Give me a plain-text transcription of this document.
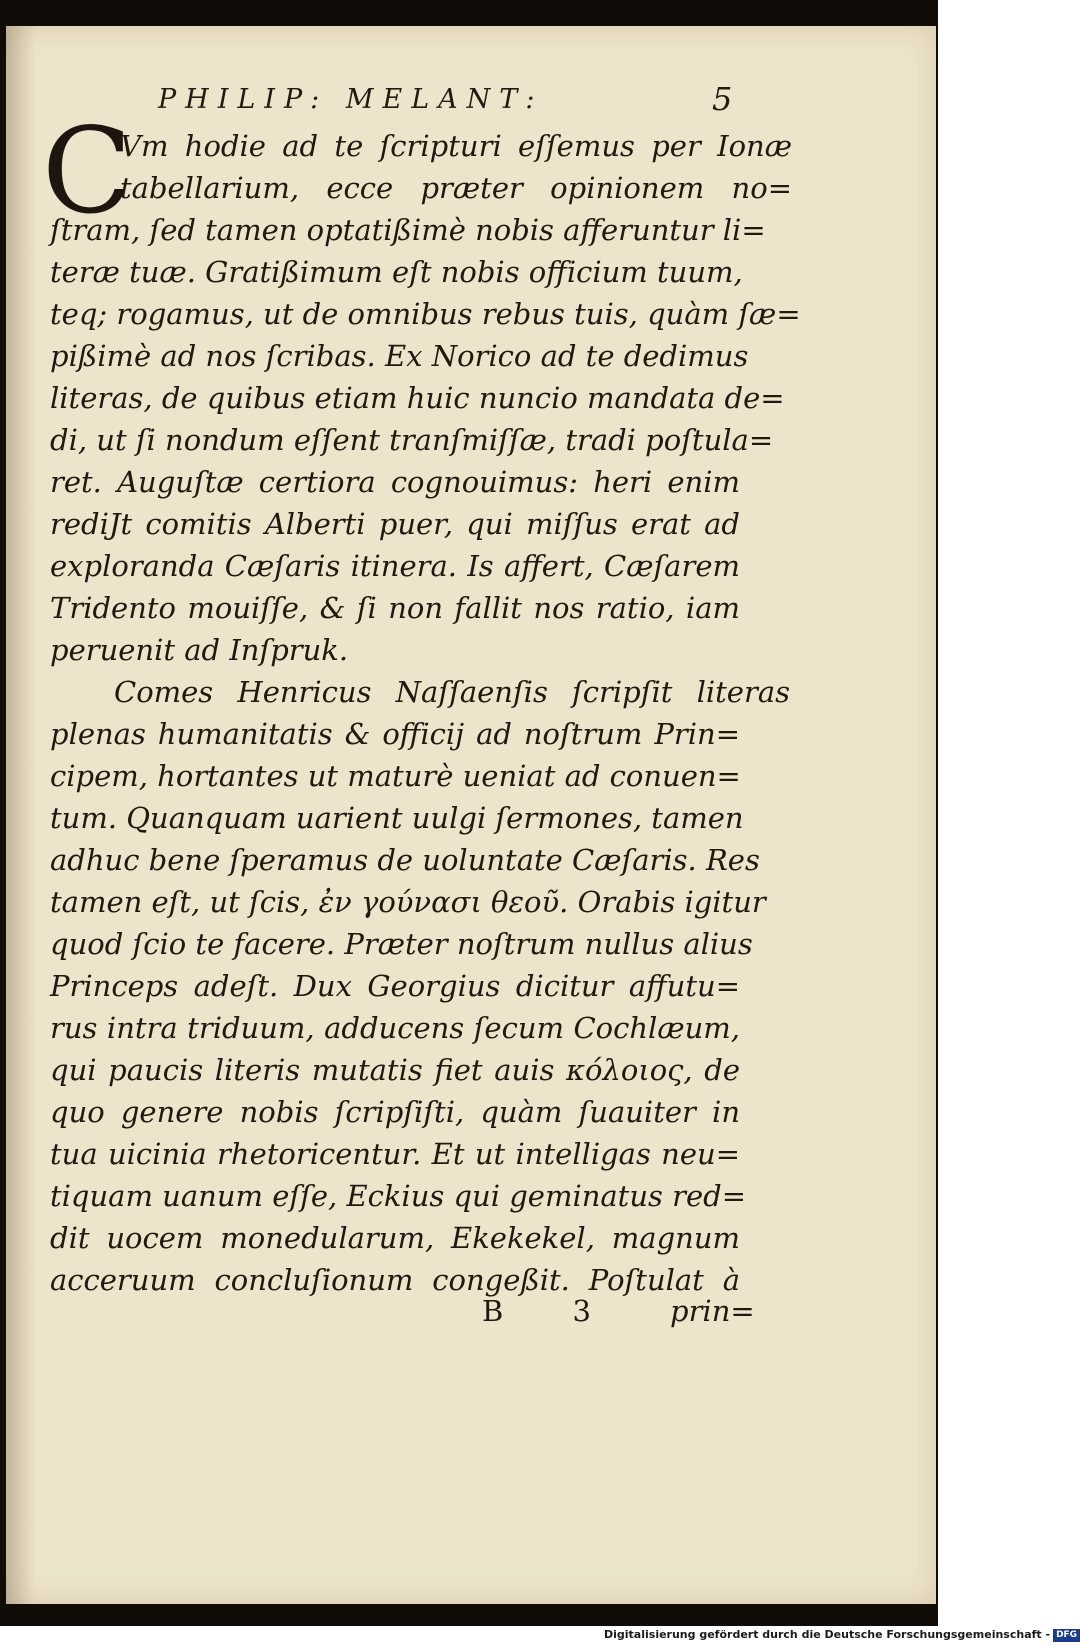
PHILIP: MELANT:	5
C
Vm hodie ad te ſcripturi eſſemus per Ionæ
tabellarium, ecce præter opinionem no=
ſtram, ſed tamen optatißimè nobis afferuntur li=
teræ tuæ. Gratißimum eſt nobis officium tuum,
teq; rogamus, ut de omnibus rebus tuis, quàm ſæ=
pißimè ad nos ſcribas. Ex Norico ad te dedimus
literas, de quibus etiam huic nuncio mandata de=
di, ut ſi nondum eſſent tranſmiſſæ, tradi poſtula=
ret. Auguſtæ certiora cognouimus: heri enim
rediJt comitis Alberti puer, qui miſſus erat ad
exploranda Cæſaris itinera. Is affert, Cæſarem
Tridento mouiſſe, & ſi non fallit nos ratio, iam
peruenit ad Inſpruk.
Comes Henricus Naſſaenſis ſcripſit literas
plenas humanitatis & officij ad noſtrum Prin=
cipem, hortantes ut maturè ueniat ad conuen=
tum. Quanquam uarient uulgi ſermones, tamen
adhuc bene ſperamus de uoluntate Cæſaris. Res
tamen eſt, ut ſcis, ἐν γούνασι θεοῦ. Orabis igitur
quod ſcio te facere. Præter noſtrum nullus alius
Princeps adeſt. Dux Georgius dicitur affutu=
rus intra triduum, adducens ſecum Cochlæum,
qui paucis literis mutatis fiet auis κόλοιος, de
quo genere nobis ſcripſiſti, quàm ſuauiter in
tua uicinia rhetoricentur. Et ut intelligas neu=
tiquam uanum eſſe, Eckius qui geminatus red=
dit uocem monedularum, Ekekekel, magnum
acceruum concluſionum congeßit. Poſtulat à
B 3 prin=
Digitalisierung gefördert durch die Deutsche Forschungsgemeinschaft - DFG
